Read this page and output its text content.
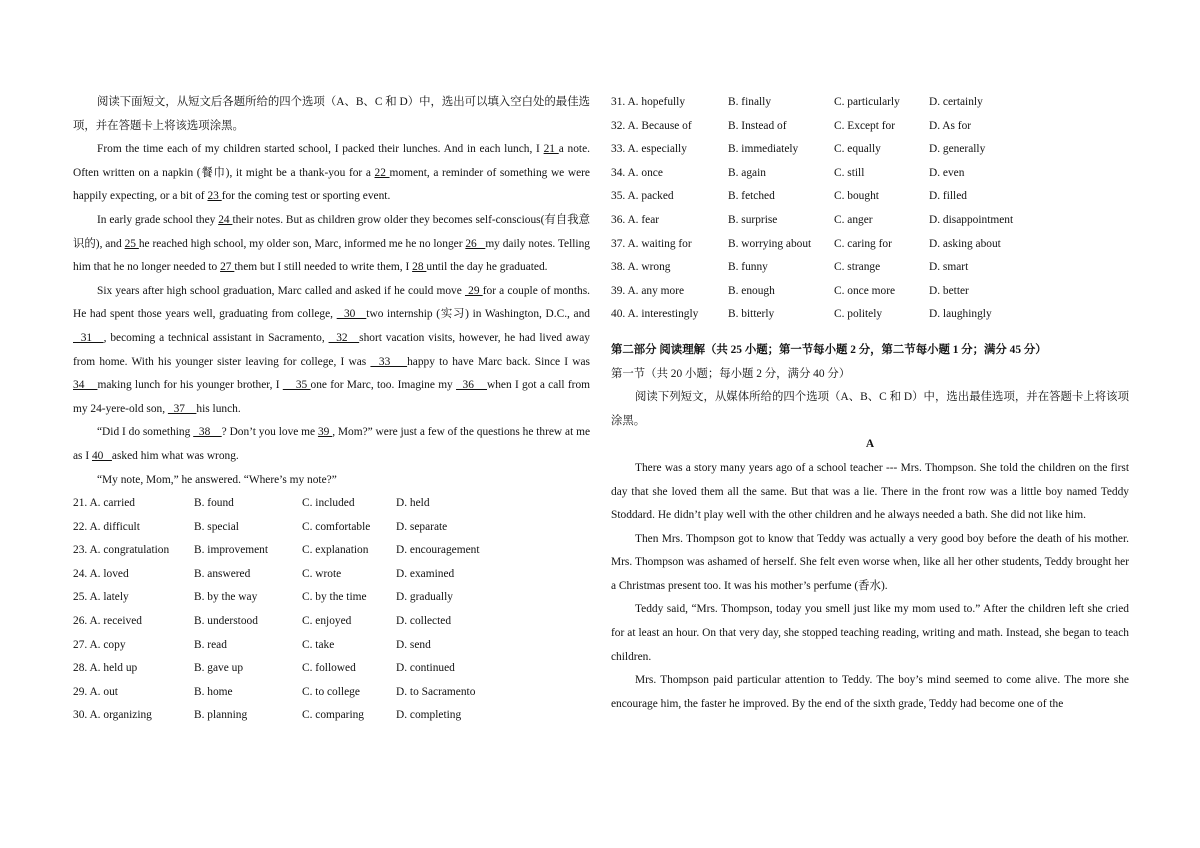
阅读下面短文，从短文后各题所给的四个选项（A、B、C 和 D）中，选出可以填入空白处的最佳选项，并在答题卡上将该选项涂黑。

From the time each of my children started school, I packed their lunches. And in each lunch, I 21 a note. Often written on a napkin (餐巾), it might be a thank-you for a 22 moment, a reminder of something we were happily expecting, or a bit of 23 for the coming test or sporting event.

In early grade school they 24 their notes. But as children grow older they becomes self-conscious(有自我意识的), and 25 he reached high school, my older son, Marc, informed me he no longer 26   my daily notes. Telling him that he no longer needed to 27 them but I still needed to write them, I 28 until the day he graduated.

Six years after high school graduation, Marc called and asked if he could move  29 for a couple of months. He had spent those years well, graduating from college,   30   two internship (实习) in Washington, D.C., and   31   , becoming a technical assistant in Sacramento,   32   short vacation visits, however, he had lived away from home. With his younger sister leaving for college, I was   33    happy to have Marc back. Since I was 34    making lunch for his younger brother, I     35 one for Marc, too. Imagine my   36    when I got a call from my 24-yere-old son,   37    his lunch.

“Did I do something   38    ? Don’t you love me 39 , Mom?” were just a few of the questions he threw at me as I 40   asked him what was wrong.

“My note, Mom,” he answered. “Where’s my note?”

21. A. carried	B. found	C. included	D. held
22. A. difficult	B. special	C. comfortable	D. separate
23. A. congratulation	B. improvement	C. explanation	D. encouragement
24. A. loved	B. answered	C. wrote	D. examined
25. A. lately	B. by the way	C. by the time	D. gradually
26. A. received	B. understood	C. enjoyed	D. collected
27. A. copy	B. read	C. take	D. send
28. A. held up	B. gave up	C. followed	D. continued
29. A. out	B. home	C. to college	D. to Sacramento
30. A. organizing	B. planning	C. comparing	D. completing
31. A. hopefully	B. finally	C. particularly	D. certainly
32. A. Because of	B. Instead of	C. Except for	D. As for
33. A. especially	B. immediately	C. equally	D. generally
34. A. once	B. again	C. still	D. even
35. A. packed	B. fetched	C. bought	D. filled
36. A. fear	B. surprise	C. anger	D. disappointment
37. A. waiting for	B. worrying about	C. caring for	D. asking about
38. A. wrong	B. funny	C. strange	D. smart
39. A. any more	B. enough	C. once more	D. better
40. A. interestingly	B. bitterly	C. politely	D. laughingly
第二部分 阅读理解（共 25 小题；第一节每小题 2 分，第二节每小题 1 分；满分 45 分）

第一节（共 20 小题；每小题 2 分，满分 40 分）

阅读下列短文，从媒体所给的四个选项（A、B、C 和 D）中，选出最佳选项，并在答题卡上将该项涂黑。

A

There was a story many years ago of a school teacher --- Mrs. Thompson. She told the children on the first day that she loved them all the same. But that was a lie. There in the front row was a little boy named Teddy Stoddard. He didn’t play well with the other children and he always needed a bath. She did not like him.

Then Mrs. Thompson got to know that Teddy was actually a very good boy before the death of his mother. Mrs. Thompson was ashamed of herself. She felt even worse when, like all her other students, Teddy brought her a Christmas present too. It was his mother’s perfume (香水).

Teddy said, “Mrs. Thompson, today you smell just like my mom used to.” After the children left she cried for at least an hour. On that very day, she stopped teaching reading, writing and math. Instead, she began to teach children.

Mrs. Thompson paid particular attention to Teddy. The boy’s mind seemed to come alive. The more she encourage him, the faster he improved. By the end of the sixth grade, Teddy had become one of the
